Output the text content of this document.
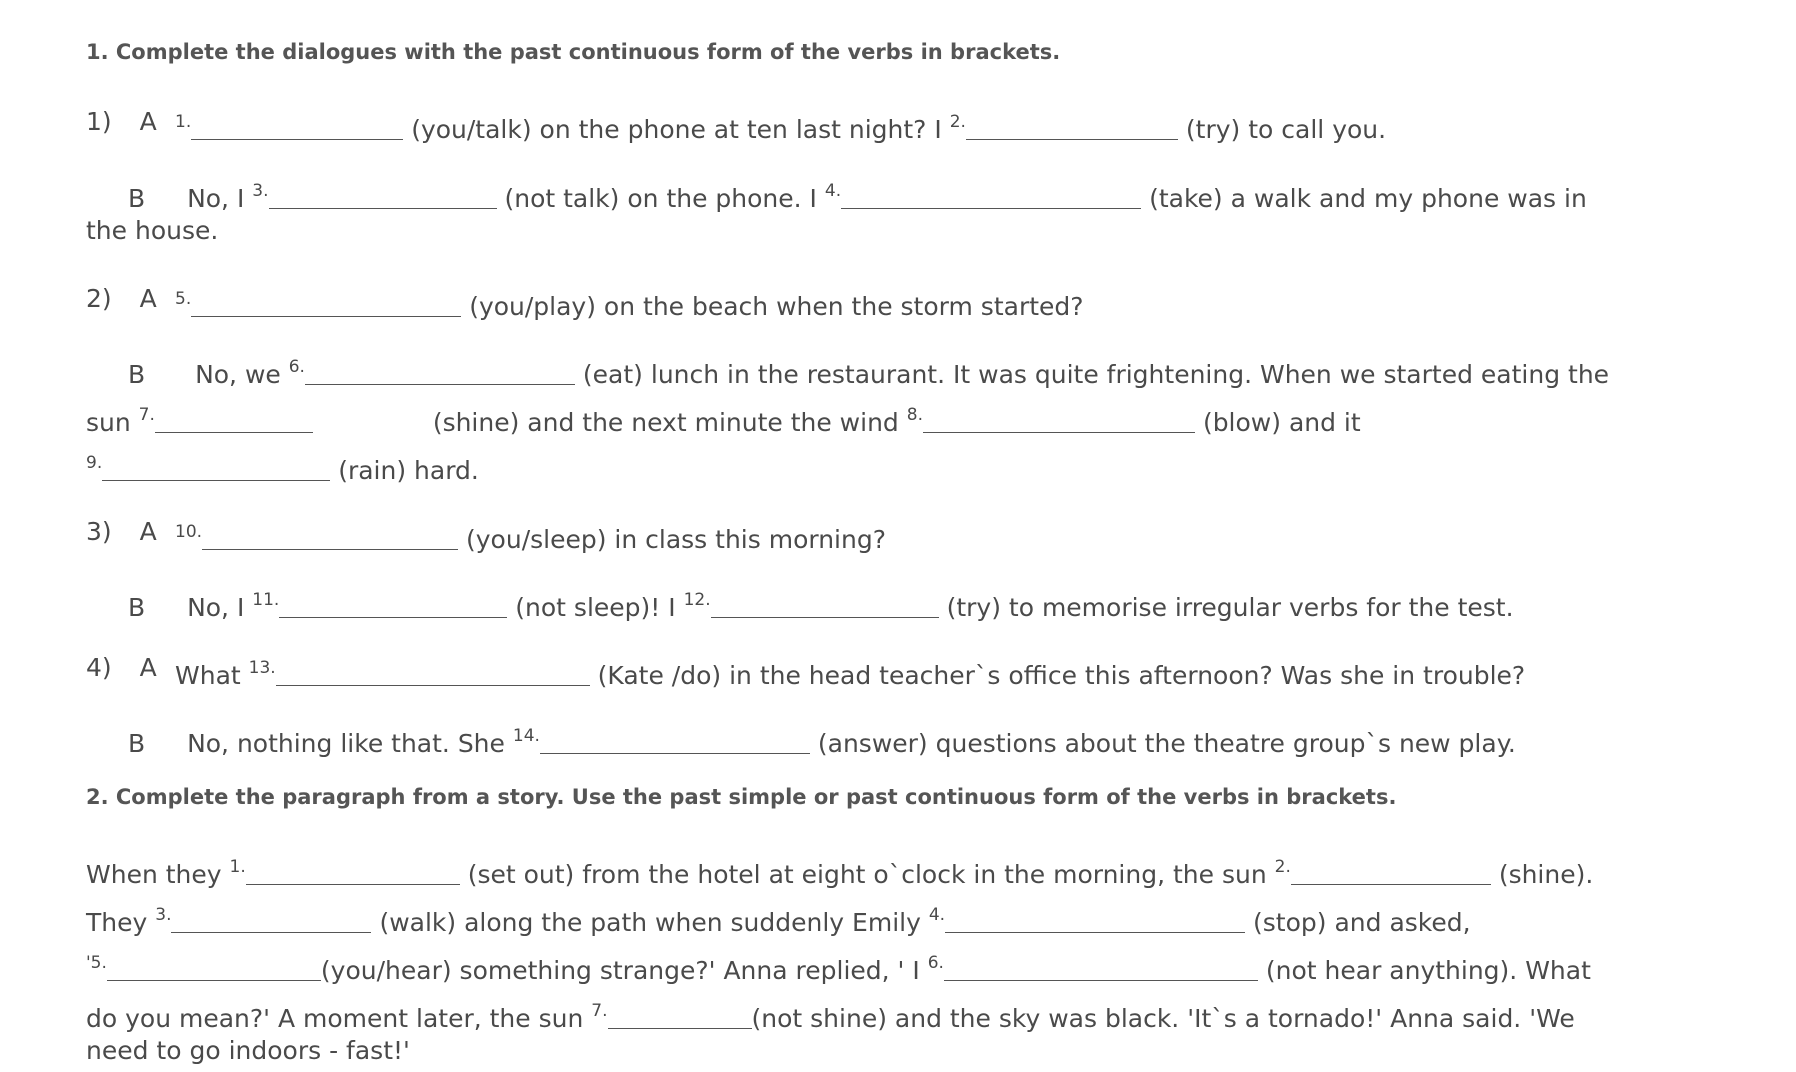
1. Complete the dialogues with the past continuous form of the verbs in brackets.

1) A $^{1.}$	(you/talk) on the phone at ten last night? I $^{2.}$	(try) to call you.
B No, I $^{3.}$	(not talk) on the phone. I $^{4.}$	(take) a walk and my phone was in
the house.
2) A $^{5.}$	(you/play) on the beach when the storm started?
B No, we $^{6.}$	(eat) lunch in the restaurant. It was quite frightening. When we started eating the
sun $^{7.}$	(shine) and the next minute the wind $^{8.}$	(blow) and it
$^{9.}$	(rain) hard.
3) A $^{10.}$	(you/sleep) in class this morning?
B No, I $^{11.}$	(not sleep)! I $^{12.}$	(try) to memorise irregular verbs for the test.
4) A What $^{13.}$	(Kate /do) in the head teacher`s office this afternoon? Was she in trouble?
B No, nothing like that. She $^{14.}$	(answer) questions about the theatre group`s new play.

2. Complete the paragraph from a story. Use the past simple or past continuous form of the verbs in brackets.

When they $^{1.}$	(set out) from the hotel at eight o`clock in the morning, the sun $^{2.}$	(shine).
They $^{3.}$	(walk) along the path when suddenly Emily $^{4.}$	(stop) and asked,
$^{'5.}$	(you/hear) something strange?' Anna replied, ' I $^{6.}$	(not hear anything). What
do you mean?' A moment later, the sun $^{7.}$	(not shine) and the sky was black. 'It`s a tornado!' Anna said. 'We
need to go indoors - fast!'
